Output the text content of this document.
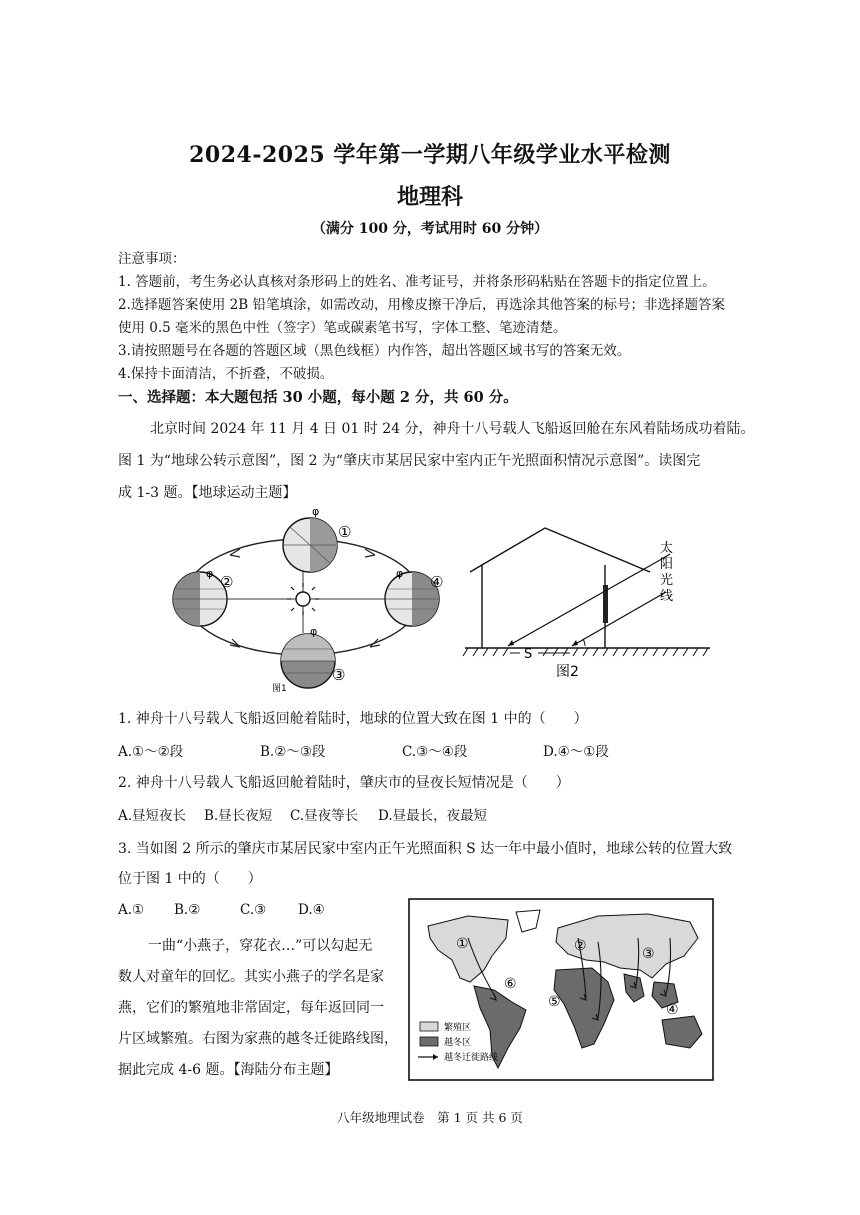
2024-2025 学年第一学期八年级学业水平检测
地理科
（满分 100 分，考试用时 60 分钟）
注意事项：
1. 答题前，考生务必认真核对条形码上的姓名、准考证号，并将条形码粘贴在答题卡的指定位置上。
2.选择题答案使用 2B 铅笔填涂，如需改动，用橡皮擦干净后，再选涂其他答案的标号；非选择题答案
使用 0.5 毫米的黑色中性（签字）笔或碳素笔书写，字体工整、笔迹清楚。
3.请按照题号在各题的答题区域（黑色线框）内作答，超出答题区域书写的答案无效。
4.保持卡面清洁，不折叠，不破损。
一、选择题：本大题包括 30 小题，每小题 2 分，共 60 分。
北京时间 2024 年 11 月 4 日 01 时 24 分，神舟十八号载人飞船返回舱在东风着陆场成功着陆。
图 1 为“地球公转示意图”，图 2 为“肇庆市某居民家中室内正午光照面积情况示意图”。读图完
成 1-3 题。【地球运动主题】
φ
①
φ ②	φ ④
φ
③
图1
S
太
阳
光
线
图2
1. 神舟十八号载人飞船返回舱着陆时，地球的位置大致在图 1 中的（　　）
A.①～②段	B.②～③段	C.③～④段	D.④～①段
2. 神舟十八号载人飞船返回舱着陆时，肇庆市的昼夜长短情况是（　　）
A.昼短夜长 B.昼长夜短 C.昼夜等长 D.昼最长，夜最短
3. 当如图 2 所示的肇庆市某居民家中室内正午光照面积 S 达一年中最小值时，地球公转的位置大致
位于图 1 中的（　　）
A.① B.②	C.③ D.④
一曲“小燕子，穿花衣…”可以勾起无
数人对童年的回忆。其实小燕子的学名是家
燕，它们的繁殖地非常固定，每年返回同一
片区域繁殖。右图为家燕的越冬迁徙路线图，
据此完成 4-6 题。【海陆分布主题】
①	②	③
④
⑤
⑥
繁殖区
越冬区
越冬迁徙路线
八年级地理试卷　第 1 页 共 6 页
